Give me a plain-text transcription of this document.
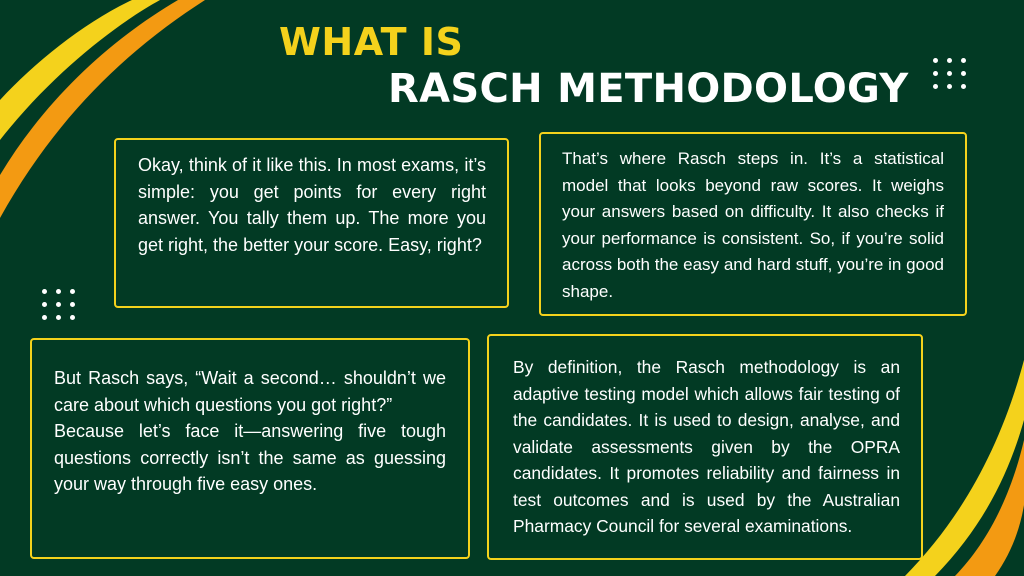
WHAT IS
RASCH METHODOLOGY

Okay, think of it like this. In most exams, it’s simple: you get points for every right answer. You tally them up. The more you get right, the better your score. Easy, right?

That’s where Rasch steps in. It’s a statistical model that looks beyond raw scores. It weighs your answers based on difficulty. It also checks if your performance is consistent. So, if you’re solid across both the easy and hard stuff, you’re in good shape.

But Rasch says, “Wait a second… shouldn’t we care about which questions you got right?”

Because let’s face it—answering five tough questions correctly isn’t the same as guessing your way through five easy ones.

By definition, the Rasch methodology is an adaptive testing model which allows fair testing of the candidates. It is used to design, analyse, and validate assessments given by the OPRA candidates. It promotes reliability and fairness in test outcomes and is used by the Australian Pharmacy Council for several examinations.
